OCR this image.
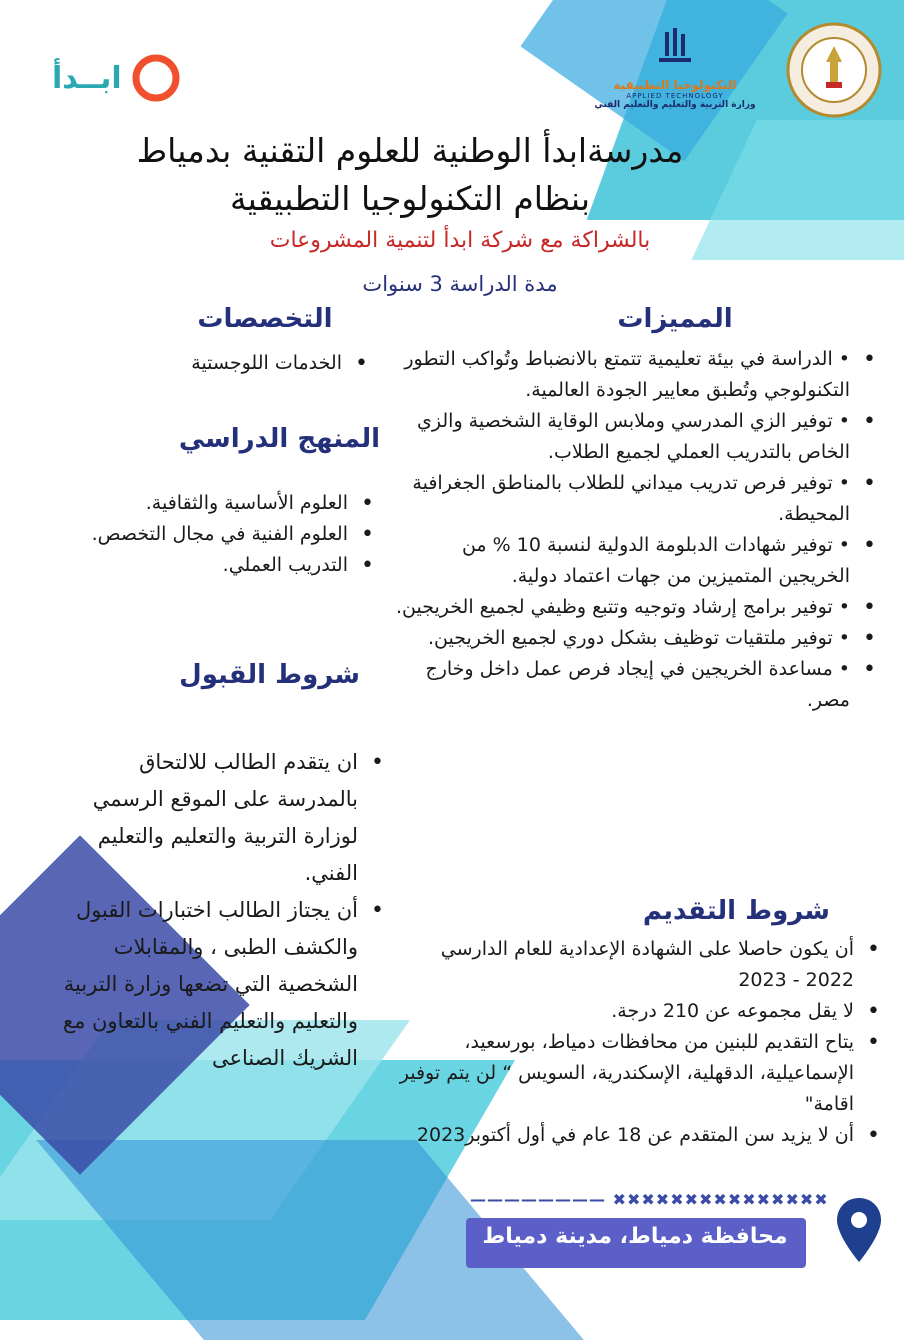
ابــدأ	التكنولوجيا التطبيقية
APPLIED TECHNOLOGY
وزارة التربية والتعليم والتعليم الفني
مدرسةابدأ الوطنية للعلوم التقنية بدمياط
بنظام التكنولوجيا التطبيقية
بالشراكة مع شركة ابدأ لتنمية المشروعات
مدة الدراسة 3 سنوات
المميزات
• • الدراسة في بيئة تعليمية تتمتع بالانضباط وتُواكب التطور التكنولوجي وتُطبق معايير الجودة العالمية.
• • توفير الزي المدرسي وملابس الوقاية الشخصية والزي الخاص بالتدريب العملي لجميع الطلاب.
• • توفير فرص تدريب ميداني للطلاب بالمناطق الجغرافية المحيطة.
• • توفير شهادات الدبلومة الدولية لنسبة 10 % من الخريجين المتميزين من جهات اعتماد دولية.
• • توفير برامج إرشاد وتوجيه وتتبع وظيفي لجميع الخريجين.
• • توفير ملتقيات توظيف بشكل دوري لجميع الخريجين.
• • مساعدة الخريجين في إيجاد فرص عمل داخل وخارج مصر.
التخصصات
• الخدمات اللوجستية
المنهج الدراسي
• العلوم الأساسية والثقافية.
• العلوم الفنية في مجال التخصص.
• التدريب العملي.
شروط القبول
• ان يتقدم الطالب للالتحاق بالمدرسة على الموقع الرسمي لوزارة التربية والتعليم والتعليم الفني.
• أن يجتاز الطالب اختبارات القبول والكشف الطبى ، والمقابلات الشخصية التي تضعها وزارة التربية والتعليم والتعليم الفني بالتعاون مع الشريك الصناعى
شروط التقديم
• أن يكون حاصلا على الشهادة الإعدادية للعام الدارسي 2022 - 2023
• لا يقل مجموعه عن 210 درجة.
• يتاح التقديم للبنين من محافظات دمياط، بورسعيد، الإسماعيلية، الدقهلية، الإسكندرية، السويس “ لن يتم توفير اقامة"
• أن لا يزيد سن المتقدم عن 18 عام في أول أكتوبر2023
———————— ✖✖✖✖✖✖✖✖✖✖✖✖✖✖✖
محافظة دمياط، مدينة دمياط
